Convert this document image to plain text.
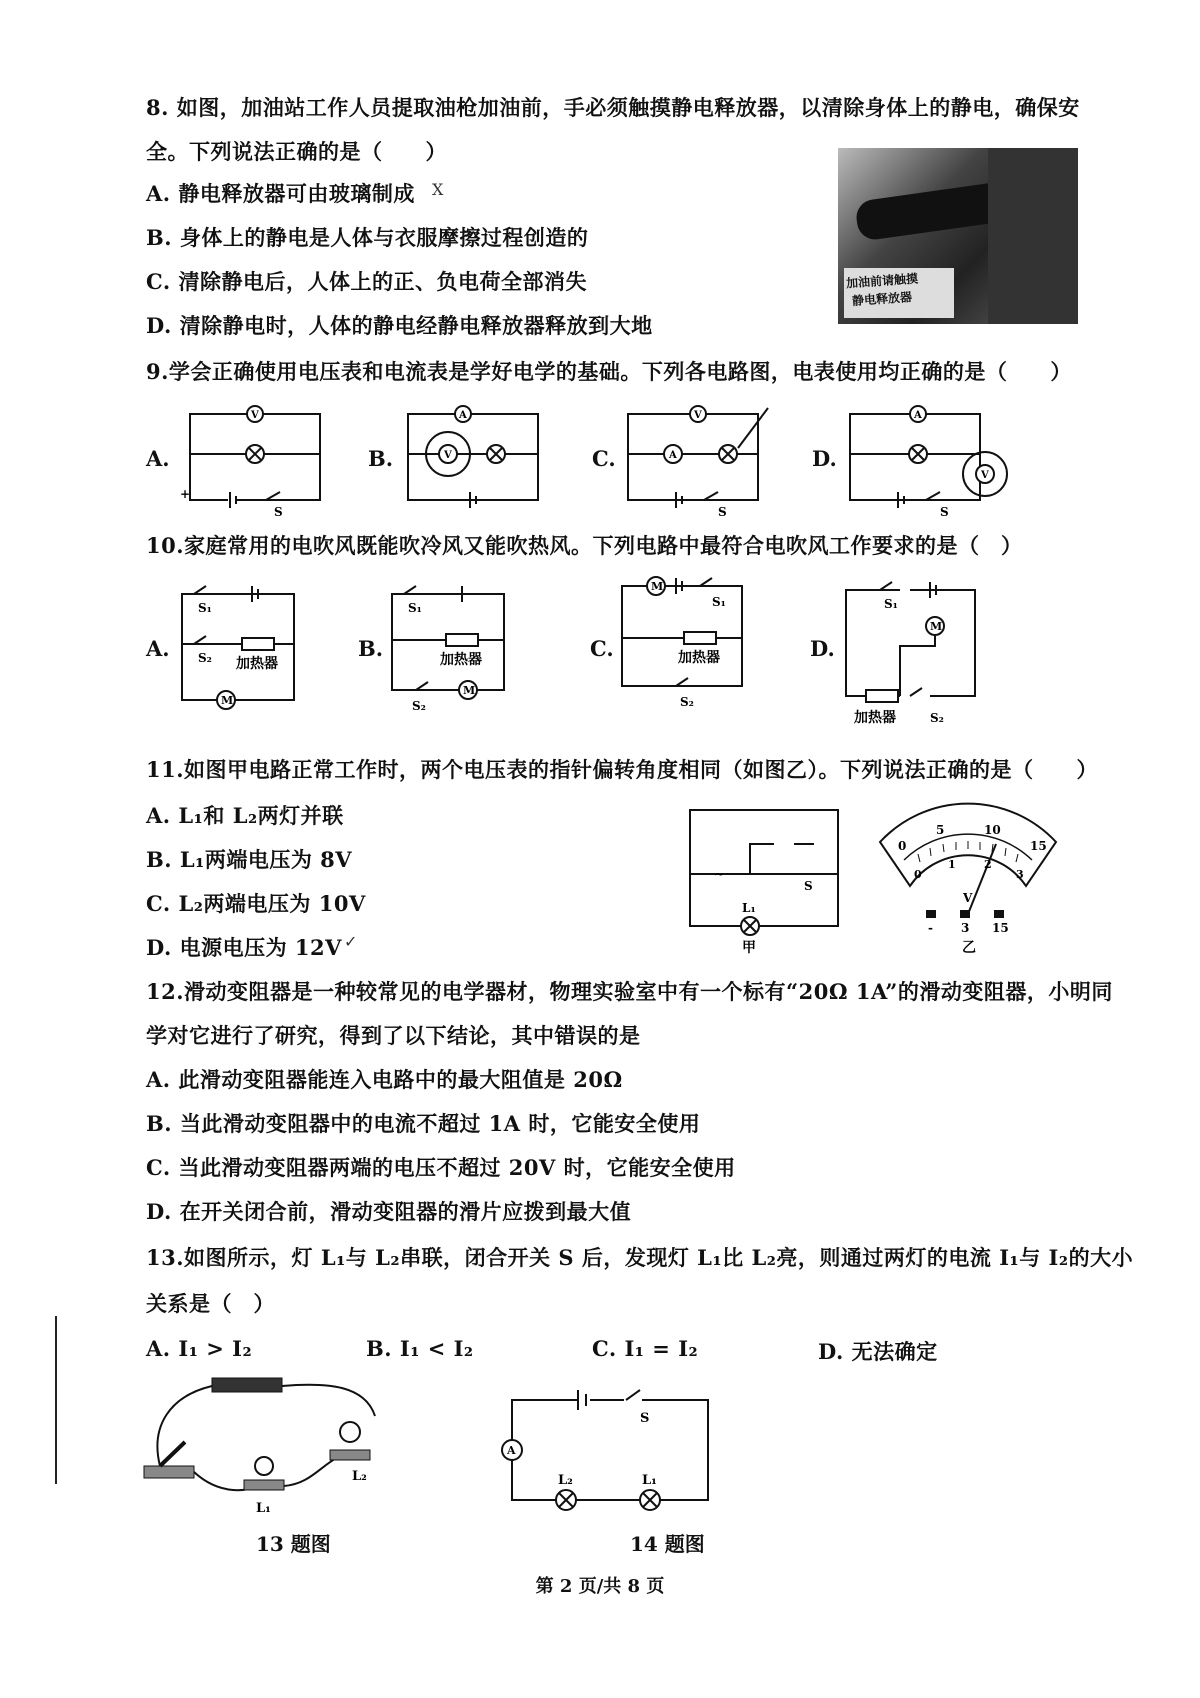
8. 如图，加油站工作人员提取油枪加油前，手必须触摸静电释放器，以清除身体上的静电，确保安
全。下列说法正确的是（　　）
A. 静电释放器可由玻璃制成 X
B. 身体上的静电是人体与衣服摩擦过程创造的
C. 清除静电后，人体上的正、负电荷全部消失
D. 清除静电时，人体的静电经静电释放器释放到大地
加油前请触摸
静电释放器
9.学会正确使用电压表和电流表是学好电学的基础。下列各电路图，电表使用均正确的是（　　）
A.
V
+
S
B.
A
V	C.
V
A
S
D.
A
V
S
10.家庭常用的电吹风既能吹冷风又能吹热风。下列电路中最符合电吹风工作要求的是（　）
A.
S₁
S₂ 加热器
M
B.
S₁
加热器
M
S₂
C.
M
S₁
加热器
S₂
D.
S₁
M
加热器	S₂
11.如图甲电路正常工作时，两个电压表的指针偏转角度相同（如图乙）。下列说法正确的是（　　）
A. L₁和 L₂两灯并联
B. L₁两端电压为 8V
C. L₂两端电压为 10V
D. 电源电压为 12V ✓
~
S
L₁
甲
0
5	10
15
0
1	2
3
V
- 3 15
乙
12.滑动变阻器是一种较常见的电学器材，物理实验室中有一个标有“20Ω 1A”的滑动变阻器，小明同
学对它进行了研究，得到了以下结论，其中错误的是
A. 此滑动变阻器能连入电路中的最大阻值是 20Ω
B. 当此滑动变阻器中的电流不超过 1A 时，它能安全使用
C. 当此滑动变阻器两端的电压不超过 20V 时，它能安全使用
D. 在开关闭合前，滑动变阻器的滑片应拨到最大值
13.如图所示，灯 L₁与 L₂串联，闭合开关 S 后，发现灯 L₁比 L₂亮，则通过两灯的电流 I₁与 I₂的大小
关系是（　）
A. I₁ > I₂	B. I₁ < I₂	C. I₁ = I₂	D. 无法确定
L₁
L₂
13 题图
A
S
L₂	L₁
14 题图
第 2 页/共 8 页
